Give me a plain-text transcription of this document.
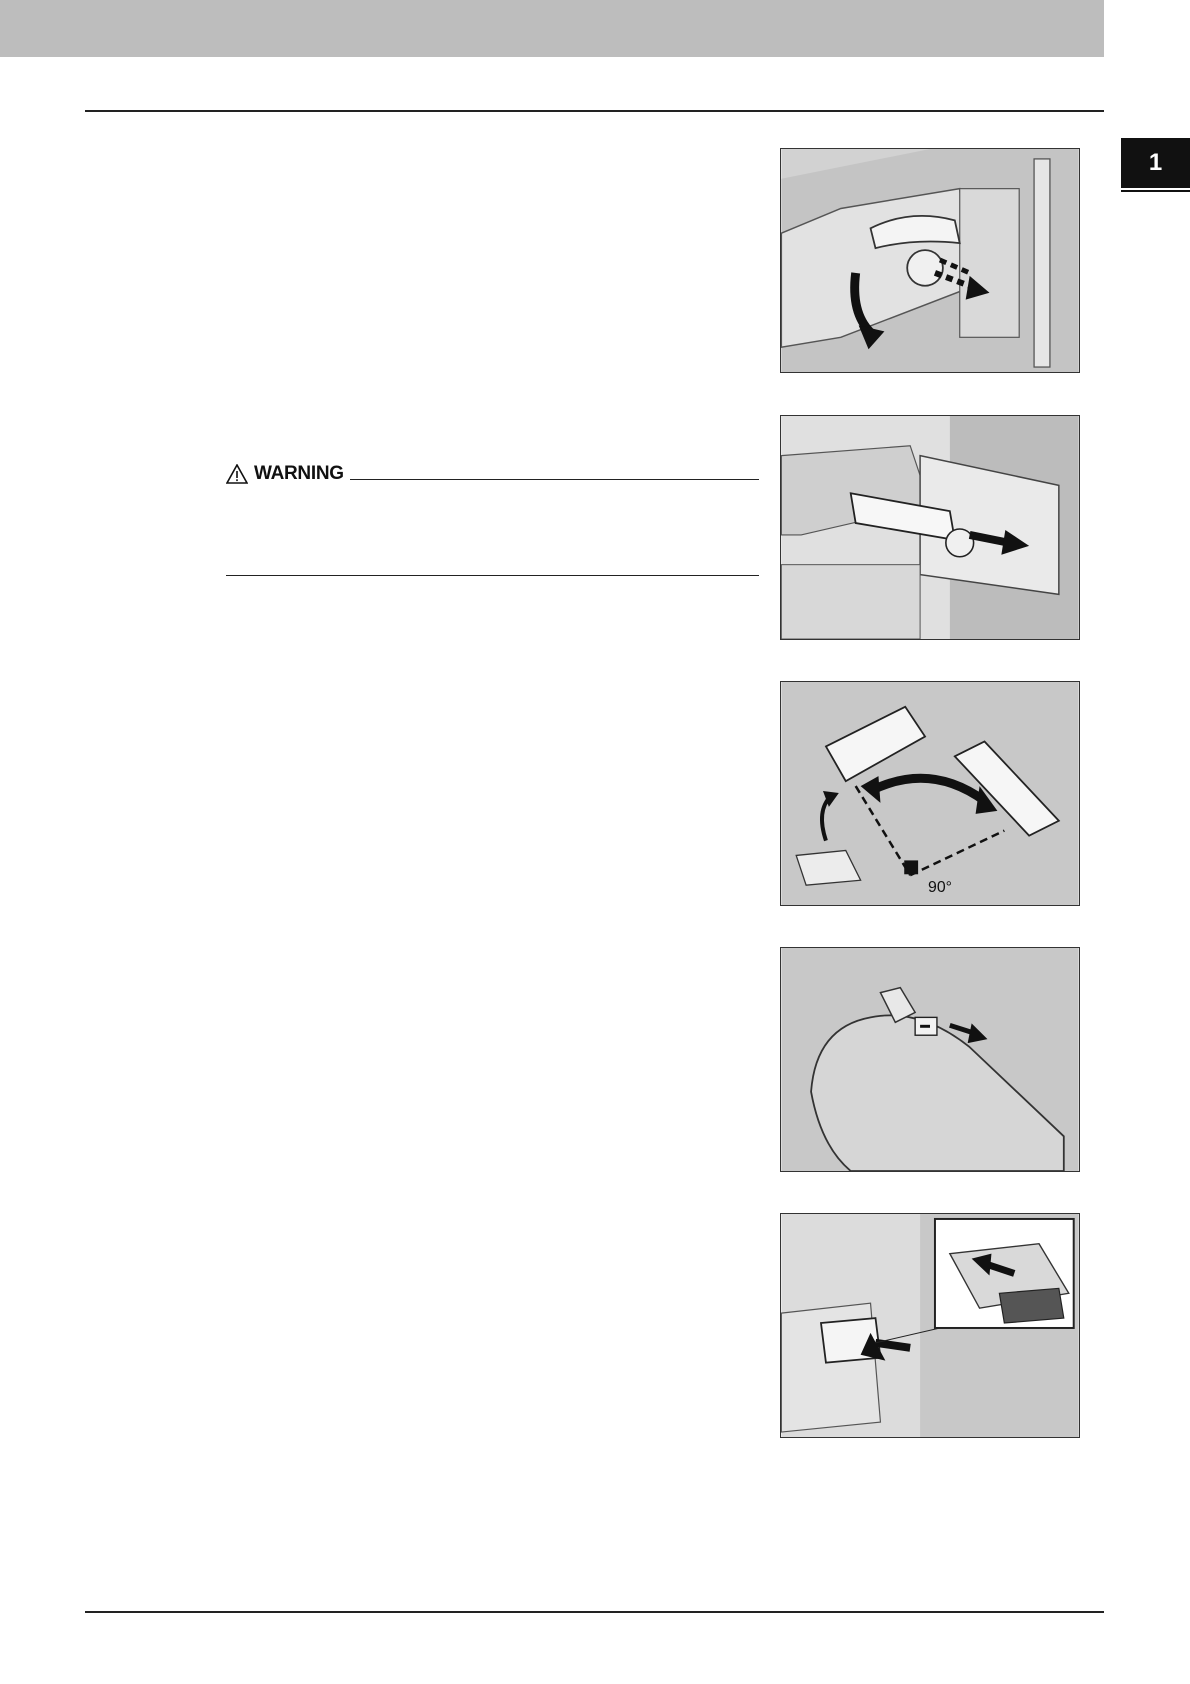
1
WARNING
90°
